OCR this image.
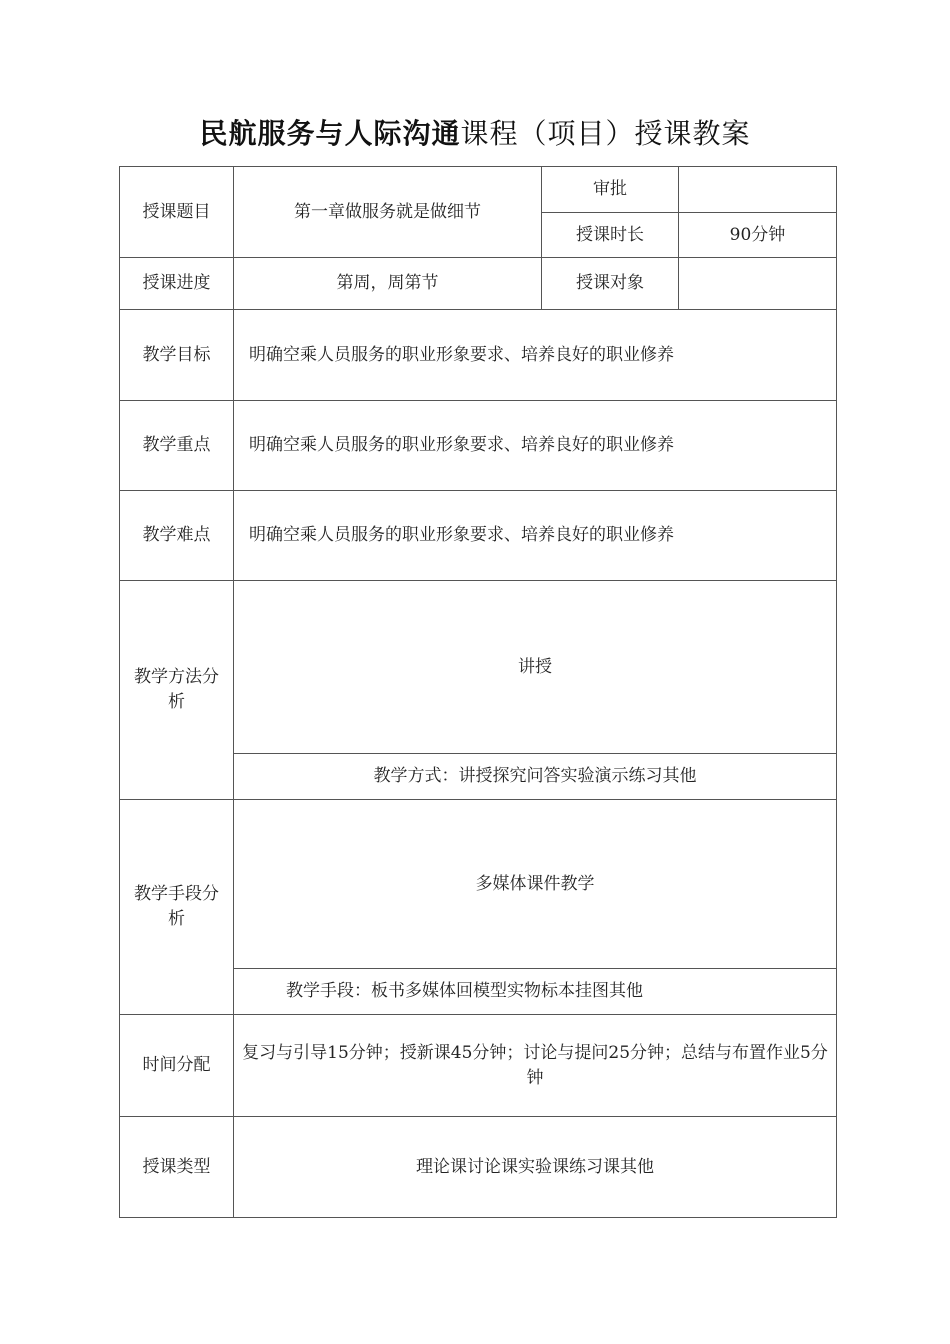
民航服务与人际沟通课程（项目）授课教案
授课题目	第一章做服务就是做细节	审批	
		授课时长	90分钟
授课进度	第周，周第节	授课对象	
教学目标	明确空乘人员服务的职业形象要求、培养良好的职业修养		
教学重点	明确空乘人员服务的职业形象要求、培养良好的职业修养		
教学难点	明确空乘人员服务的职业形象要求、培养良好的职业修养		
教学方法分析	讲授		
	教学方式：讲授探究问答实验演示练习其他		
教学手段分析	多媒体课件教学		
	教学手段：板书多媒体回模型实物标本挂图其他		
时间分配	复习与引导15分钟；授新课45分钟；讨论与提问25分钟；总结与布置作业5分钟		
授课类型	理论课讨论课实验课练习课其他		
